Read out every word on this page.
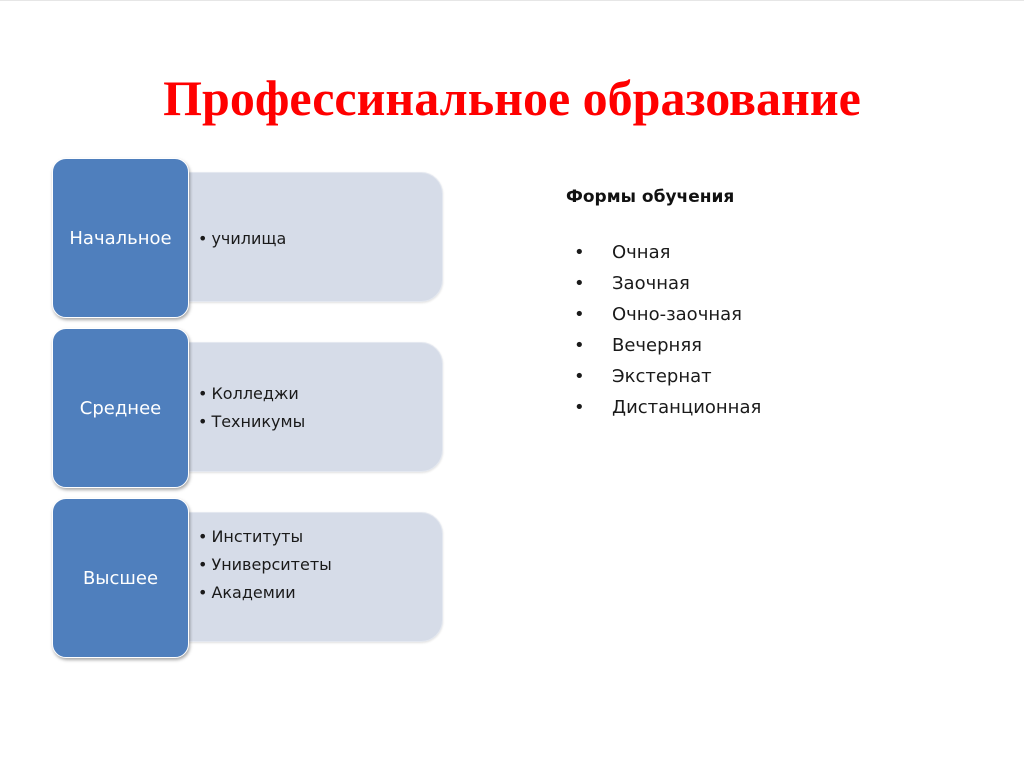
Профессинальное образование
Начальное • училища
Среднее
• Колледжи
• Техникумы
Высшее
• Институты
• Университеты
• Академии
Формы обучения
• Очная
• Заочная
• Очно-заочная
• Вечерняя
• Экстернат
• Дистанционная
